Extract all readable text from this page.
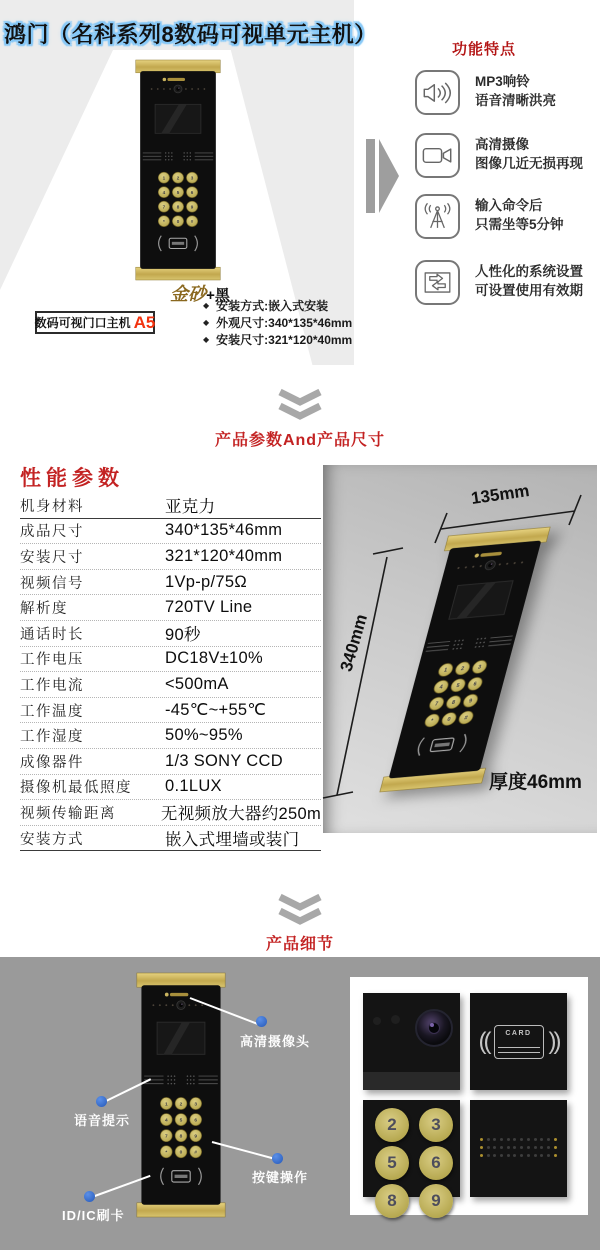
鸿门（名科系列8数码可视单元主机）
1 2 3
4 5 6
7 8 9
* 0 #
金砂+黑
◆ 安装方式:嵌入式安装
◆ 外观尺寸:340*135*46mm
◆ 安装尺寸:321*120*40mm
数码可视门口主机 A5
功能特点
MP3响铃
语音清晰洪亮
高清摄像
图像几近无损再现
输入命令后
只需坐等5分钟
人性化的系统设置
可设置使用有效期
产品参数And产品尺寸
性能参数
机身材料	亚克力
成品尺寸	340*135*46mm
安装尺寸	321*120*40mm
视频信号	1Vp-p/75Ω
解析度	720TV Line
通话时长	90秒
工作电压	DC18V±10%
工作电流	<500mA
工作温度	-45℃~+55℃
工作湿度	50%~95%
成像器件	1/3 SONY CCD
摄像机最低照度	0.1LUX
视频传输距离	无视频放大器约250m
安装方式	嵌入式埋墙或装门
1 2 3
4 5 6
7 8 9
* 0 #
135mm
340mm
厚度46mm
产品细节
1 2 3
4 5 6
7 8 9
* 0 #
高清摄像头
语音提示
按键操作
ID/IC刷卡
((	CARD ))
2	3
5	6
8	9
